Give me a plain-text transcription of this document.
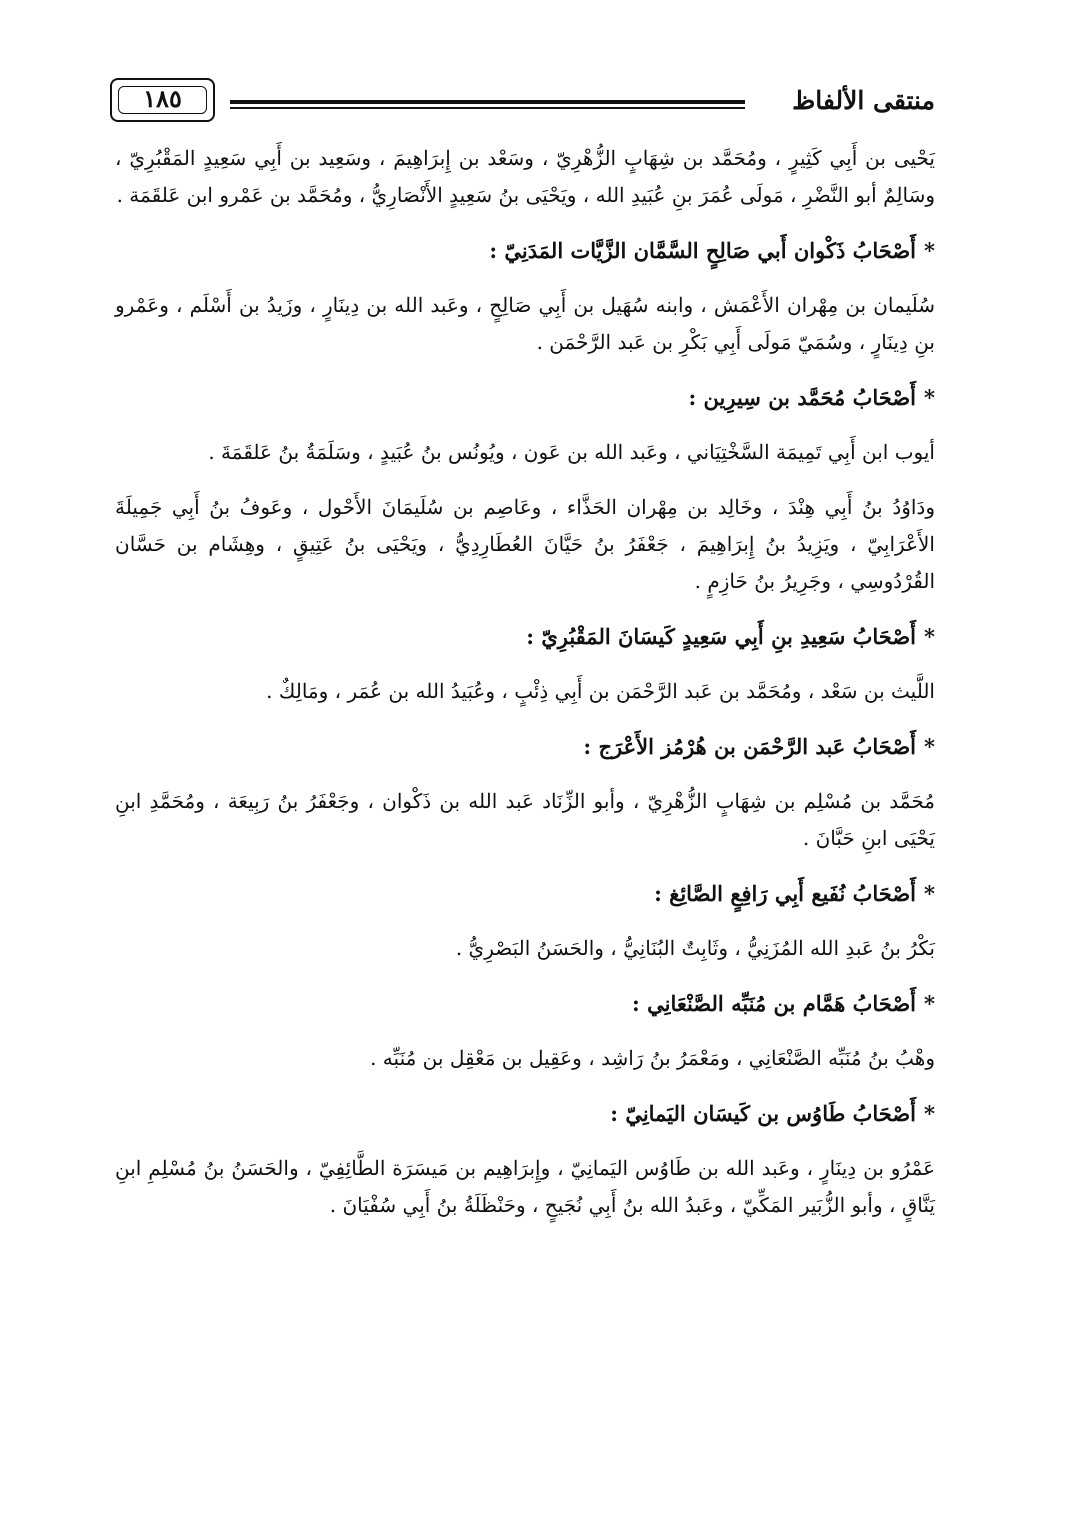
منتقى الألفاظ
١٨٥

يَحْيى بن أَبِي كَثِيرٍ ، ومُحَمَّد بن شِهَابٍ الزُّهْرِيّ ، وسَعْد بن إِبرَاهِيمَ ، وسَعِيد بن أَبِي سَعِيدٍ المَقْبُرِيّ ، وسَالِمٌ أبو النَّضْرِ ، مَولَى عُمَرَ بنِ عُبَيدِ الله ، ويَحْيَى بنُ سَعِيدٍ الأَنْصَارِيُّ ، ومُحَمَّد بن عَمْرو ابن عَلقَمَة .

*أَصْحَابُ ذَكْوان أَبي صَالِحٍ السَّمَّان الزَّيَّات المَدَنِيّ :

سُلَيمان بن مِهْران الأَعْمَش ، وابنه سُهَيل بن أَبِي صَالِحٍ ، وعَبد الله بن دِينَارٍ ، وزَيدُ بن أَسْلَم ، وعَمْرو بنِ دِينَارٍ ، وسُمَيّ مَولَى أَبِي بَكْرِ بن عَبد الرَّحْمَن .

*أَصْحَابُ مُحَمَّد بن سِيرِين :

أيوب ابن أَبِي تَمِيمَة السَّخْتِيَاني ، وعَبد الله بن عَون ، ويُونُس بنُ عُبَيدٍ ، وسَلَمَةُ بنُ عَلقَمَةَ .

ودَاوُدُ بنُ أَبِي هِنْدَ ، وخَالِد بن مِهْران الحَذَّاء ، وعَاصِم بن سُلَيمَانَ الأَحْول ، وعَوفُ بنُ أَبِي جَمِيلَةَ الأَعْرَابِيّ ، ويَزِيدُ بنُ إِبرَاهِيمَ ، جَعْفَرُ بنُ حَيَّانَ العُطَارِدِيُّ ، ويَحْيَى بنُ عَتِيقٍ ، وهِشَام بن حَسَّان القُرْدُوسِي ، وجَرِيرُ بنُ حَازِمٍ .

*أَصْحَابُ سَعِيدِ بنِ أَبِي سَعِيدٍ كَيسَانَ المَقْبُرِيّ :

اللَّيث بن سَعْد ، ومُحَمَّد بن عَبد الرَّحْمَن بن أَبِي ذِئْبٍ ، وعُبَيدُ الله بن عُمَر ، ومَالِكٌ .

*أَصْحَابُ عَبد الرَّحْمَن بن هُرْمُز الأَعْرَج :

مُحَمَّد بن مُسْلِم بن شِهَابٍ الزُّهْرِيّ ، وأبو الزِّنَاد عَبد الله بن ذَكْوان ، وجَعْفَرُ بنُ رَبِيعَة ، ومُحَمَّدِ ابنِ يَحْيَى ابنِ حَبَّانَ .

*أَصْحَابُ نُفَيع أَبِي رَافِعٍ الصَّائِغ :

بَكْرُ بنُ عَبدِ الله المُزَنِيُّ ، وثَابِتٌ البُنَانِيُّ ، والحَسَنُ البَصْرِيُّ .

*أَصْحَابُ هَمَّام بن مُنَبِّه الصَّنْعَانِي :

وهْبُ بنُ مُنَبِّه الصَّنْعَانِي ، ومَعْمَرُ بنُ رَاشِد ، وعَقِيل بن مَعْقِل بن مُنَبِّه .

*أَصْحَابُ طَاوُس بن كَيسَان اليَمانِيّ :

عَمْرُو بن دِينَارٍ ، وعَبد الله بن طَاوُس اليَمانِيّ ، وإِبرَاهِيم بن مَيسَرَة الطَّائِفِيّ ، والحَسَنُ بنُ مُسْلِمِ ابنِ يَنَّاقٍ ، وأبو الزُّبَير المَكِّيّ ، وعَبدُ الله بنُ أَبِي نُجَيحٍ ، وحَنْظَلَةُ بنُ أَبِي سُفْيَانَ .
